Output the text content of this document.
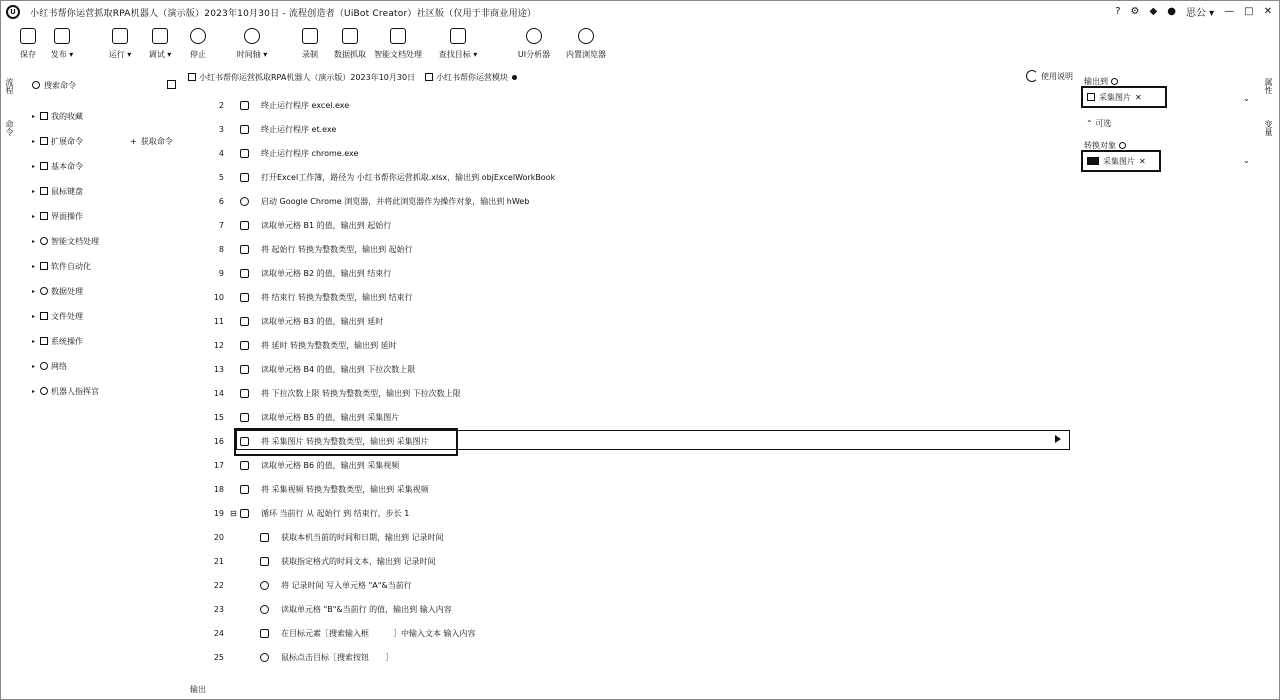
U	小红书帮你运营抓取RPA机器人（演示版）2023年10月30日 - 流程创造者（UiBot Creator）社区版（仅用于非商业用途）	? ⚙ ◆ ● 思公 ▾ — □ ✕
保存 发布 ▾	运行 ▾ 调试 ▾ 停止	时间轴 ▾	录制 数据抓取 智能文档处理 查找目标 ▾	UI分析器 内置浏览器
流程
命令
属性
变量
搜索命令
+ 获取命令
▸	我的收藏
▸	扩展命令
▸	基本命令
▸	鼠标键盘
▸	界面操作
▸	智能文档处理
▸	软件自动化
▸	数据处理
▸	文件处理
▸	系统操作
▸	网络
▸	机器人指挥官
小红书帮你运营抓取RPA机器人（演示版）2023年10月30日	小红书帮你运营模块
2	终止运行程序 excel.exe
3	终止运行程序 et.exe
4	终止运行程序 chrome.exe
5	打开Excel工作簿，路径为 小红书帮你运营抓取.xlsx，输出到 objExcelWorkBook
6	启动 Google Chrome 浏览器，并将此浏览器作为操作对象，输出到 hWeb
7	读取单元格 B1 的值，输出到 起始行
8	将 起始行 转换为整数类型，输出到 起始行
9	读取单元格 B2 的值，输出到 结束行
10	将 结束行 转换为整数类型，输出到 结束行
11	读取单元格 B3 的值，输出到 延时
12	将 延时 转换为整数类型，输出到 延时
13	读取单元格 B4 的值，输出到 下拉次数上限
14	将 下拉次数上限 转换为整数类型，输出到 下拉次数上限
15	读取单元格 B5 的值，输出到 采集图片
16	将 采集图片 转换为整数类型，输出到 采集图片
17	读取单元格 B6 的值，输出到 采集视频
18	将 采集视频 转换为整数类型，输出到 采集视频
19 ⊟	循环 当前行 从 起始行 到 结束行，步长 1
20	获取本机当前的时间和日期，输出到 记录时间
21	获取指定格式的时间文本，输出到 记录时间
22	将 记录时间 写入单元格 "A"&当前行
23	读取单元格 "B"&当前行 的值，输出到 输入内容
24	在目标元素［搜索输入框　　　］中输入文本 输入内容
25	鼠标点击目标［搜索按钮　　］
使用说明
输出到
采集图片 ✕	⌄
⌃ 可选
转换对象
采集图片 ✕	⌄
输出
